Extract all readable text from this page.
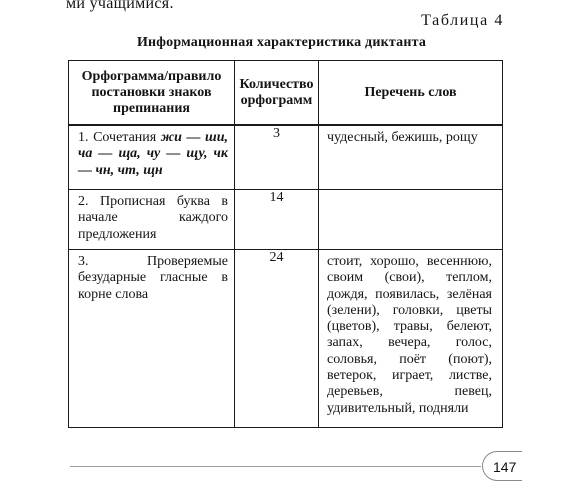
ми учащимися.
Таблица 4
Информационная характеристика диктанта
Орфограмма/правило постановки знаков препинания	Количество орфограмм	Перечень слов

1. Сочетания жи — ши, ча — ща, чу — щу, чк — чн, чт, щн	3	чудесный, бежишь, рощу

2. Прописная буква в начале каждого предложения	14	

3. Проверяемые безударные гласные в корне слова	24	стоит, хорошо, весеннюю, своим (свои), теплом, дождя, появилась, зелёная (зелени), головки, цветы (цветов), травы, белеют, запах, вечера, голос, соловья, поёт (поют), ветерок, играет, листве, деревьев, певец, удивительный, подняли
147
